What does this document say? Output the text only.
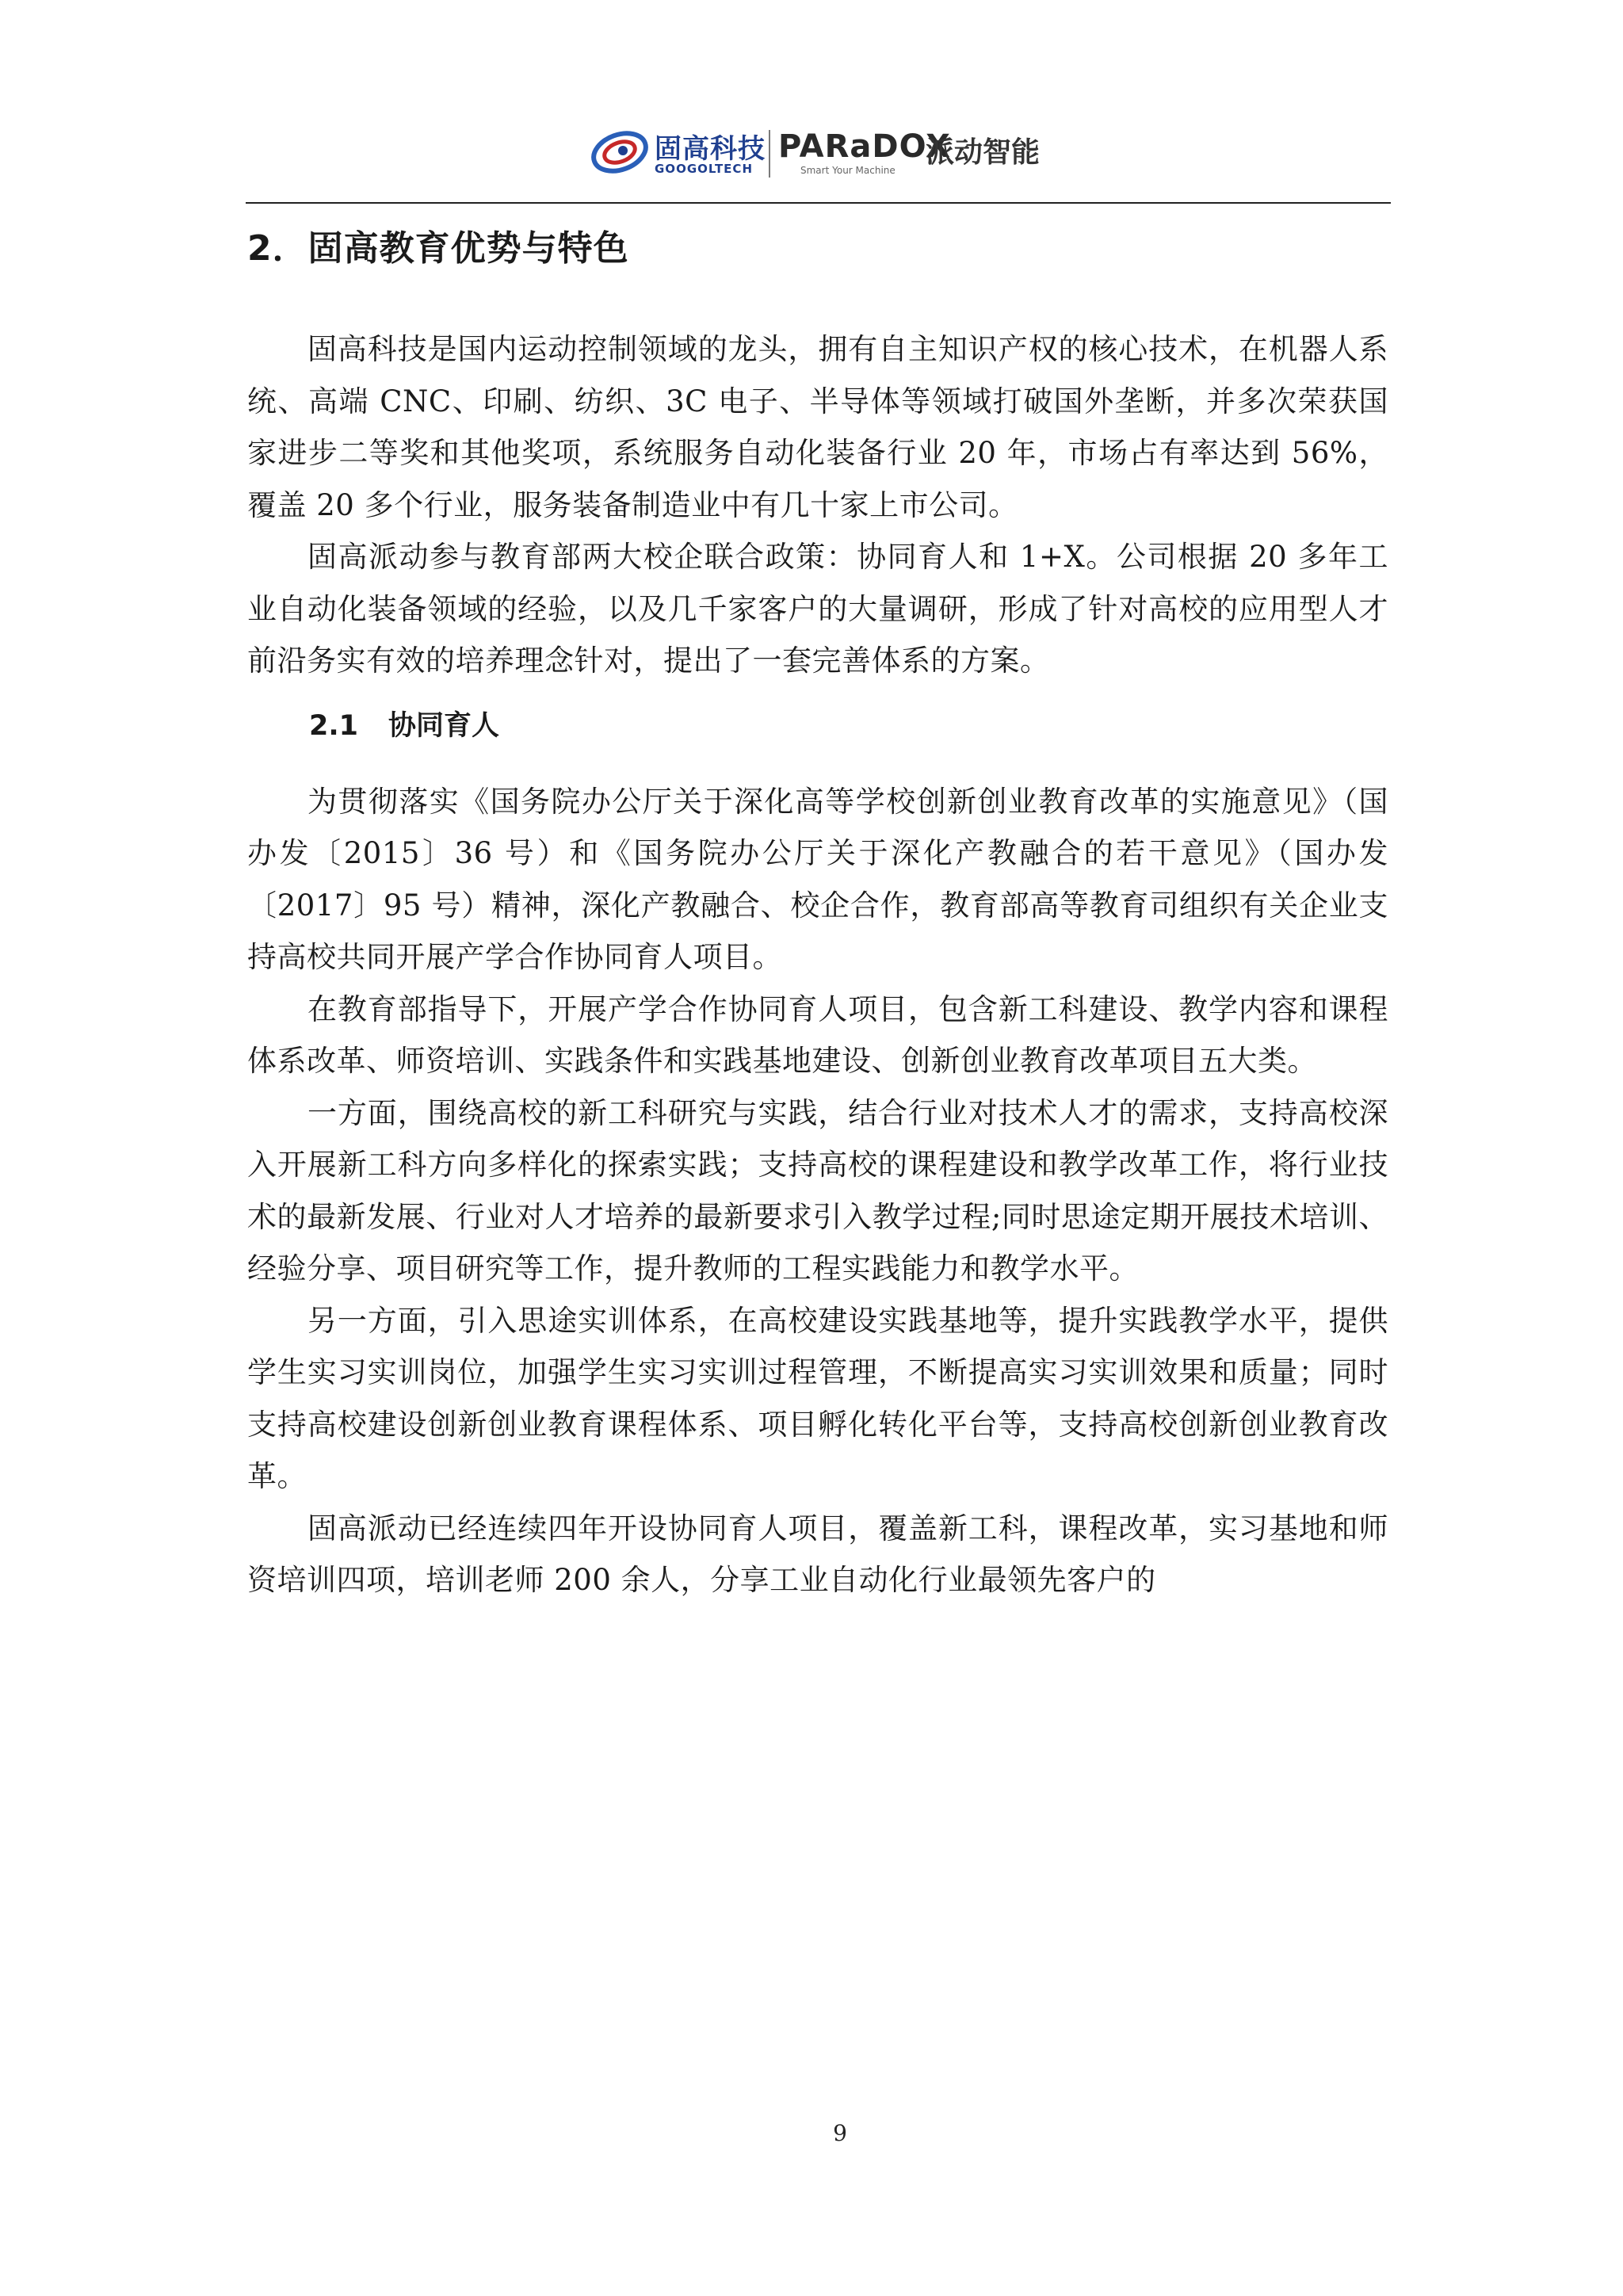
固高科技
GOOGOLTECH
PARaDOX
Smart Your Machine
派动智能
2．固高教育优势与特色

固高科技是国内运动控制领域的龙头，拥有自主知识产权的核心技术，在机器人系统、高端 CNC、印刷、纺织、3C 电子、半导体等领域打破国外垄断，并多次荣获国家进步二等奖和其他奖项，系统服务自动化装备行业 20 年，市场占有率达到 56%，覆盖 20 多个行业，服务装备制造业中有几十家上市公司。

固高派动参与教育部两大校企联合政策：协同育人和 1+X。公司根据 20 多年工业自动化装备领域的经验，以及几千家客户的大量调研，形成了针对高校的应用型人才前沿务实有效的培养理念针对，提出了一套完善体系的方案。

2.1 协同育人

为贯彻落实《国务院办公厅关于深化高等学校创新创业教育改革的实施意见》（国办发〔2015〕36 号）和《国务院办公厅关于深化产教融合的若干意见》（国办发〔2017〕95 号）精神，深化产教融合、校企合作，教育部高等教育司组织有关企业支持高校共同开展产学合作协同育人项目。

在教育部指导下，开展产学合作协同育人项目，包含新工科建设、教学内容和课程体系改革、师资培训、实践条件和实践基地建设、创新创业教育改革项目五大类。

一方面，围绕高校的新工科研究与实践，结合行业对技术人才的需求，支持高校深入开展新工科方向多样化的探索实践；支持高校的课程建设和教学改革工作，将行业技术的最新发展、行业对人才培养的最新要求引入教学过程;同时思途定期开展技术培训、经验分享、项目研究等工作，提升教师的工程实践能力和教学水平。

另一方面，引入思途实训体系，在高校建设实践基地等，提升实践教学水平，提供学生实习实训岗位，加强学生实习实训过程管理，不断提高实习实训效果和质量；同时支持高校建设创新创业教育课程体系、项目孵化转化平台等，支持高校创新创业教育改革。

固高派动已经连续四年开设协同育人项目，覆盖新工科，课程改革，实习基地和师资培训四项，培训老师 200 余人，分享工业自动化行业最领先客户的

9
